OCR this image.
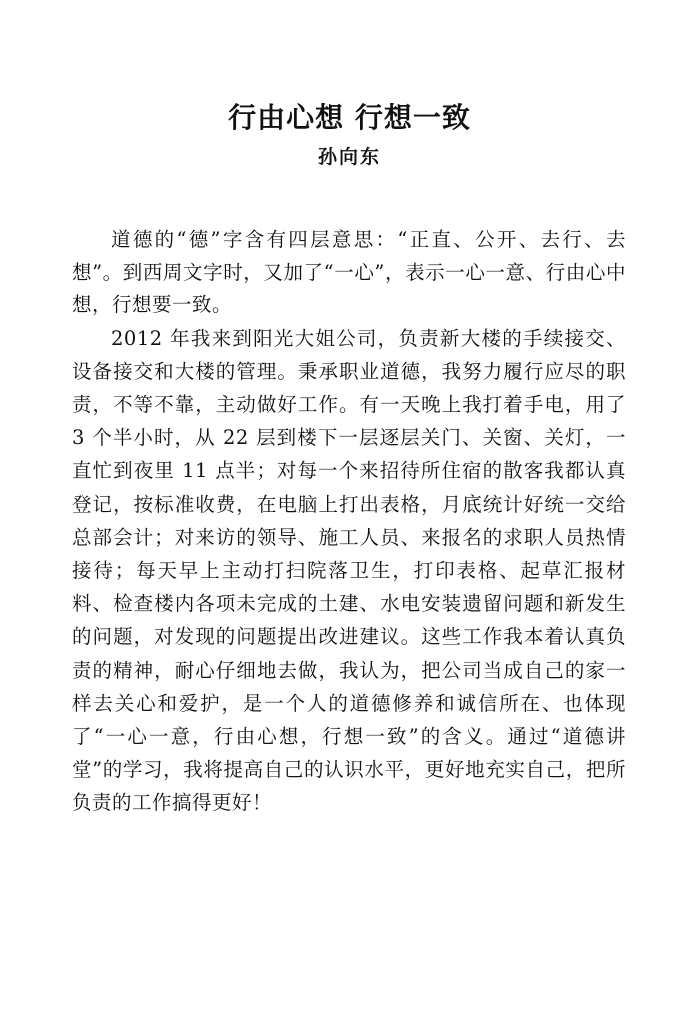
行由心想 行想一致
孙向东

道德的“德”字含有四层意思：“正直、公开、去行、去想”。到西周文字时，又加了“一心”，表示一心一意、行由心中想，行想要一致。

2012 年我来到阳光大姐公司，负责新大楼的手续接交、设备接交和大楼的管理。秉承职业道德，我努力履行应尽的职责，不等不靠，主动做好工作。有一天晚上我打着手电，用了 3 个半小时，从 22 层到楼下一层逐层关门、关窗、关灯，一直忙到夜里 11 点半；对每一个来招待所住宿的散客我都认真登记，按标准收费，在电脑上打出表格，月底统计好统一交给总部会计；对来访的领导、施工人员、来报名的求职人员热情接待；每天早上主动打扫院落卫生，打印表格、起草汇报材料、检查楼内各项未完成的土建、水电安装遗留问题和新发生的问题，对发现的问题提出改进建议。这些工作我本着认真负责的精神，耐心仔细地去做，我认为，把公司当成自己的家一样去关心和爱护，是一个人的道德修养和诚信所在、也体现了“一心一意，行由心想，行想一致”的含义。通过“道德讲堂”的学习，我将提高自己的认识水平，更好地充实自己，把所负责的工作搞得更好！
